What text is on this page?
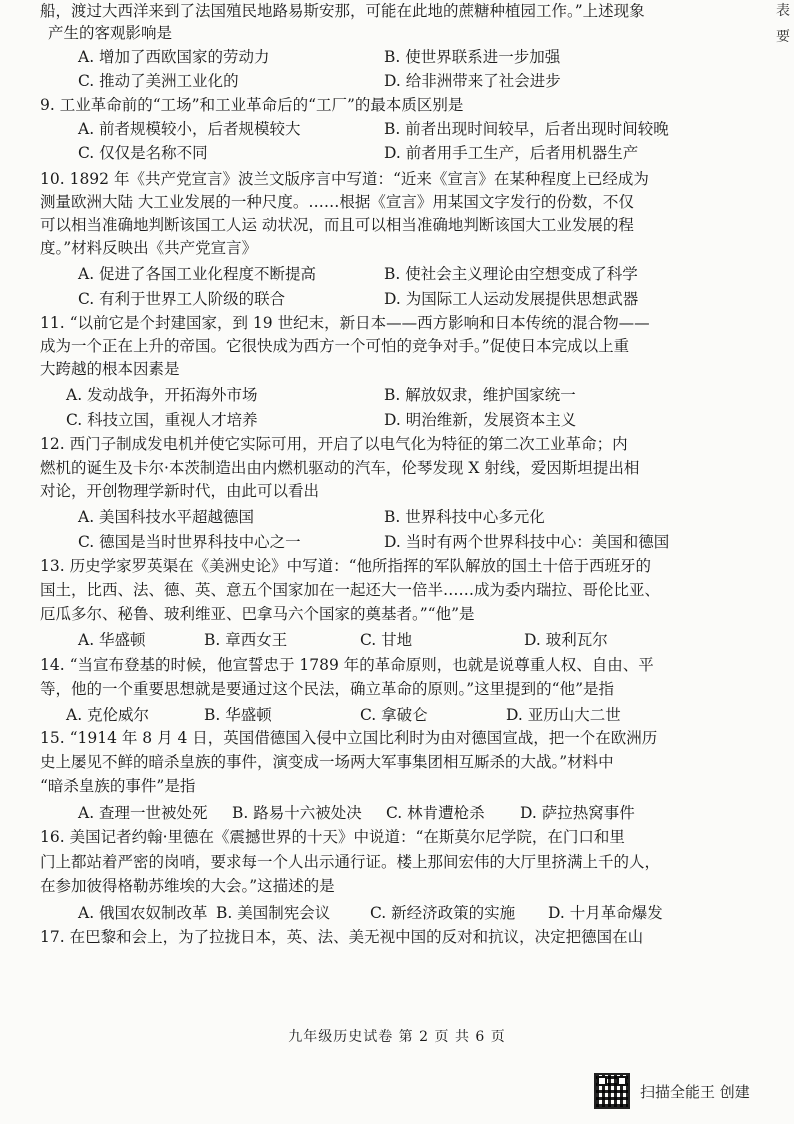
船，渡过大西洋来到了法国殖民地路易斯安那，可能在此地的蔗糖种植园工作。”上述现象
产生的客观影响是
A. 增加了西欧国家的劳动力	B. 使世界联系进一步加强
C. 推动了美洲工业化的	D. 给非洲带来了社会进步
9. 工业革命前的“工场”和工业革命后的“工厂”的最本质区别是
A. 前者规模较小，后者规模较大	B. 前者出现时间较早，后者出现时间较晚
C. 仅仅是名称不同	D. 前者用手工生产，后者用机器生产
10. 1892 年《共产党宣言》波兰文版序言中写道：“近来《宣言》在某种程度上已经成为
测量欧洲大陆 大工业发展的一种尺度。……根据《宣言》用某国文字发行的份数，不仅
可以相当准确地判断该国工人运 动状况，而且可以相当准确地判断该国大工业发展的程
度。”材料反映出《共产党宣言》
A. 促进了各国工业化程度不断提高	B. 使社会主义理论由空想变成了科学
C. 有利于世界工人阶级的联合	D. 为国际工人运动发展提供思想武器
11. “以前它是个封建国家，到 19 世纪末，新日本——西方影响和日本传统的混合物——
成为一个正在上升的帝国。它很快成为西方一个可怕的竞争对手。”促使日本完成以上重
大跨越的根本因素是
A. 发动战争，开拓海外市场	B. 解放奴隶，维护国家统一
C. 科技立国，重视人才培养	D. 明治维新，发展资本主义
12. 西门子制成发电机并使它实际可用，开启了以电气化为特征的第二次工业革命；内
燃机的诞生及卡尔·本茨制造出由内燃机驱动的汽车，伦琴发现 X 射线，爱因斯坦提出相
对论，开创物理学新时代，由此可以看出
A. 美国科技水平超越德国	B. 世界科技中心多元化
C. 德国是当时世界科技中心之一	D. 当时有两个世界科技中心：美国和德国
13. 历史学家罗英渠在《美洲史论》中写道：“他所指挥的军队解放的国土十倍于西班牙的
国土，比西、法、德、英、意五个国家加在一起还大一倍半……成为委内瑞拉、哥伦比亚、
厄瓜多尔、秘鲁、玻利维亚、巴拿马六个国家的奠基者。”“他”是
A. 华盛顿	B. 章西女王	C. 甘地	D. 玻利瓦尔
14. “当宣布登基的时候，他宣誓忠于 1789 年的革命原则，也就是说尊重人权、自由、平
等，他的一个重要思想就是要通过这个民法，确立革命的原则。”这里提到的“他”是指
A. 克伦威尔	B. 华盛顿	C. 拿破仑	D. 亚历山大二世
15. “1914 年 8 月 4 日，英国借德国入侵中立国比利时为由对德国宣战，把一个在欧洲历
史上屡见不鲜的暗杀皇族的事件，演变成一场两大军事集团相互厮杀的大战。”材料中
“暗杀皇族的事件”是指
A. 查理一世被处死 B. 路易十六被处决 C. 林肯遭枪杀 D. 萨拉热窝事件
16. 美国记者约翰·里德在《震撼世界的十天》中说道：“在斯莫尔尼学院，在门口和里
门上都站着严密的岗哨，要求每一个人出示通行证。楼上那间宏伟的大厅里挤满上千的人，
在参加彼得格勒苏维埃的大会。”这描述的是
A. 俄国农奴制改革 B. 美国制宪会议	C. 新经济政策的实施 D. 十月革命爆发
17. 在巴黎和会上，为了拉拢日本，英、法、美无视中国的反对和抗议，决定把德国在山
九年级历史试卷 第 2 页 共 6 页
表
要
扫描全能王 创建
